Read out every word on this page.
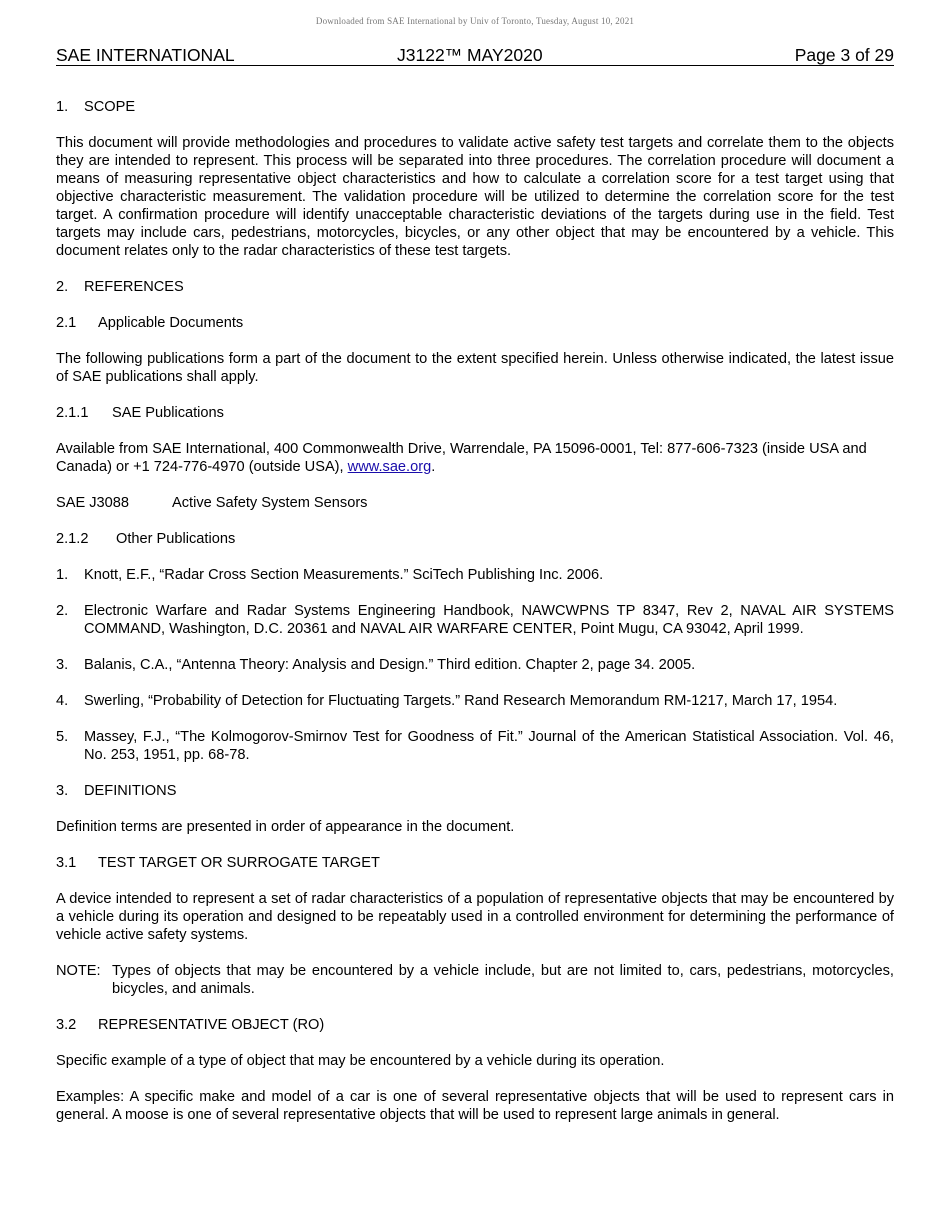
Downloaded from SAE International by Univ of Toronto, Tuesday, August 10, 2021
SAE INTERNATIONAL	J3122™ MAY2020	Page 3 of 29
1.	SCOPE

This document will provide methodologies and procedures to validate active safety test targets and correlate them to the objects they are intended to represent. This process will be separated into three procedures. The correlation procedure will document a means of measuring representative object characteristics and how to calculate a correlation score for a test target using that objective characteristic measurement. The validation procedure will be utilized to determine the correlation score for the test target. A confirmation procedure will identify unacceptable characteristic deviations of the targets during use in the field. Test targets may include cars, pedestrians, motorcycles, bicycles, or any other object that may be encountered by a vehicle. This document relates only to the radar characteristics of these test targets.

2.	REFERENCES
2.1	Applicable Documents

The following publications form a part of the document to the extent specified herein. Unless otherwise indicated, the latest issue of SAE publications shall apply.

2.1.1	SAE Publications

Available from SAE International, 400 Commonwealth Drive, Warrendale, PA 15096-0001, Tel: 877-606-7323 (inside USA and Canada) or +1 724-776-4970 (outside USA), www.sae.org.

SAE J3088	Active Safety System Sensors
2.1.2	Other Publications
1.	Knott, E.F., “Radar Cross Section Measurements.” SciTech Publishing Inc. 2006.
2.	Electronic Warfare and Radar Systems Engineering Handbook, NAWCWPNS TP 8347, Rev 2, NAVAL AIR SYSTEMS COMMAND, Washington, D.C. 20361 and NAVAL AIR WARFARE CENTER, Point Mugu, CA 93042, April 1999.
3.	Balanis, C.A., “Antenna Theory: Analysis and Design.” Third edition. Chapter 2, page 34. 2005.
4.	Swerling, “Probability of Detection for Fluctuating Targets.” Rand Research Memorandum RM-1217, March 17, 1954.
5.	Massey, F.J., “The Kolmogorov-Smirnov Test for Goodness of Fit.” Journal of the American Statistical Association. Vol. 46, No. 253, 1951, pp. 68-78.
3.	DEFINITIONS

Definition terms are presented in order of appearance in the document.

3.1	TEST TARGET OR SURROGATE TARGET

A device intended to represent a set of radar characteristics of a population of representative objects that may be encountered by a vehicle during its operation and designed to be repeatably used in a controlled environment for determining the performance of vehicle active safety systems.

NOTE: Types of objects that may be encountered by a vehicle include, but are not limited to, cars, pedestrians, motorcycles, bicycles, and animals.
3.2	REPRESENTATIVE OBJECT (RO)

Specific example of a type of object that may be encountered by a vehicle during its operation.

Examples: A specific make and model of a car is one of several representative objects that will be used to represent cars in general. A moose is one of several representative objects that will be used to represent large animals in general.
